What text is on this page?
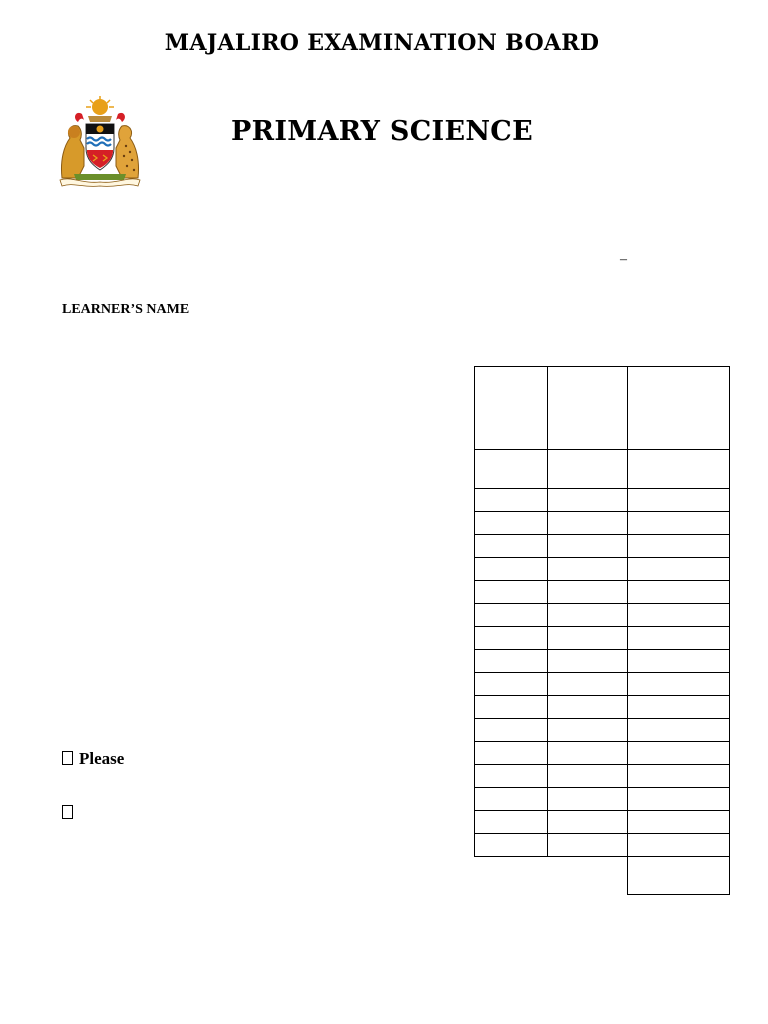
MAJALIRO EXAMINATION BOARD
PRIMARY SCIENCE
–
LEARNER’S NAME
Please
